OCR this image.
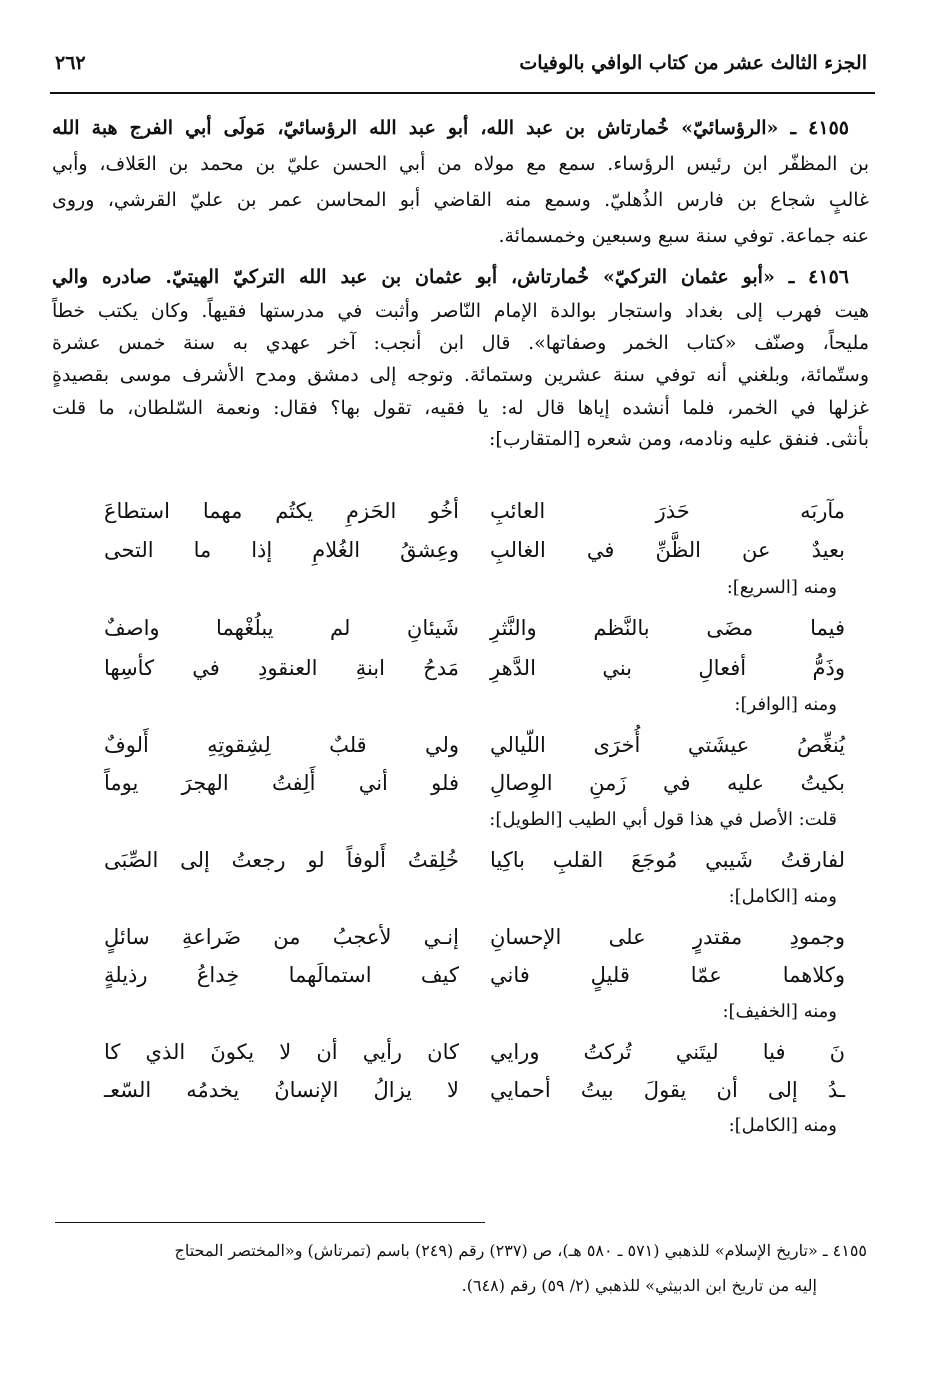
٢٦٢	الجزء الثالث عشر من كتاب الوافي بالوفيات
٤١٥٥ ـ «الرؤسائيّ» خُمارتاش بن عبد الله، أبو عبد الله الرؤسائيّ، مَولَى أبي الفرج هبة الله
بن المظفّر ابن رئيس الرؤساء. سمع مع مولاه من أبي الحسن عليّ بن محمد بن العَلاف، وأبي
غالبٍ شجاع بن فارس الذُهليّ. وسمع منه القاضي أبو المحاسن عمر بن عليّ القرشي، وروى
عنه جماعة. توفي سنة سبع وسبعين وخمسمائة.
٤١٥٦ ـ «أبو عثمان التركيّ» خُمارتاش، أبو عثمان بن عبد الله التركيّ الهيتيّ. صادره والي
هيت فهرب إلى بغداد واستجار بوالدة الإمام النّاصر وأثبت في مدرستها فقيهاً. وكان يكتب خطاً
مليحاً، وصنّف «كتاب الخمر وصفاتها». قال ابن أنجب: آخر عهدي به سنة خمس عشرة
وستّمائة، وبلغني أنه توفي سنة عشرين وستمائة. وتوجه إلى دمشق ومدح الأشرف موسى بقصيدةٍ
غزلها في الخمر، فلما أنشده إياها قال له: يا فقيه، تقول بها؟ فقال: ونعمة السّلطان، ما قلت
بأنثى. فنفق عليه ونادمه، ومن شعره [المتقارب]:
أخُو الحَزمِ يكتُم مهما استطاعَ مآربَه حَذرَ العائبِ
وعِشقُ الغُلامِ إذا ما التحى بعيدٌ عن الظَّنِّ في الغالبِ
ومنه [السريع]:
شَيئانِ لم يبلُغْهما واصفٌ فيما مضَى بالنَّظم والنَّثرِ
مَدحُ ابنةِ العنقودِ في كأسِها وذَمُّ أفعالِ بني الدَّهرِ
ومنه [الوافر]:
ولي قلبٌ لِشِقوتِهِ أَلوفٌ يُنغِّصُ عيشَتي أُخرَى اللّيالي
فلو أني أَلِفتُ الهجرَ يوماً بكيتُ عليه في زَمنِ الوِصالِ
قلت: الأصل في هذا قول أبي الطيب [الطويل]:
خُلِقتُ أَلوفاً لو رجعتُ إلى الصِّبَى لفارقتُ شَيبي مُوجَعَ القلبِ باكِيا
ومنه [الكامل]:
إنـي لأعجبُ من ضَراعةِ سائلٍ وجمودِ مقتدرٍ على الإحسانِ
كيف استمالَهما خِداعُ رذيلةٍ وكلاهما عمّا قليلٍ فاني
ومنه [الخفيف]:
كان رأيي أن لا يكونَ الذي كا نَ فيا ليتَني تُركتُ ورايي
لا يزالُ الإنسانُ يخدمُه السّعـ ـدُ إلى أن يقولَ بيتُ أحمايي
ومنه [الكامل]:
٤١٥٥ ـ «تاريخ الإسلام» للذهبي (٥٧١ ـ ٥٨٠ هـ)، ص (٢٣٧) رقم (٢٤٩) باسم (تمرتاش) و«المختصر المحتاج
إليه من تاريخ ابن الدبيثي» للذهبي (٢/ ٥٩) رقم (٦٤٨).
